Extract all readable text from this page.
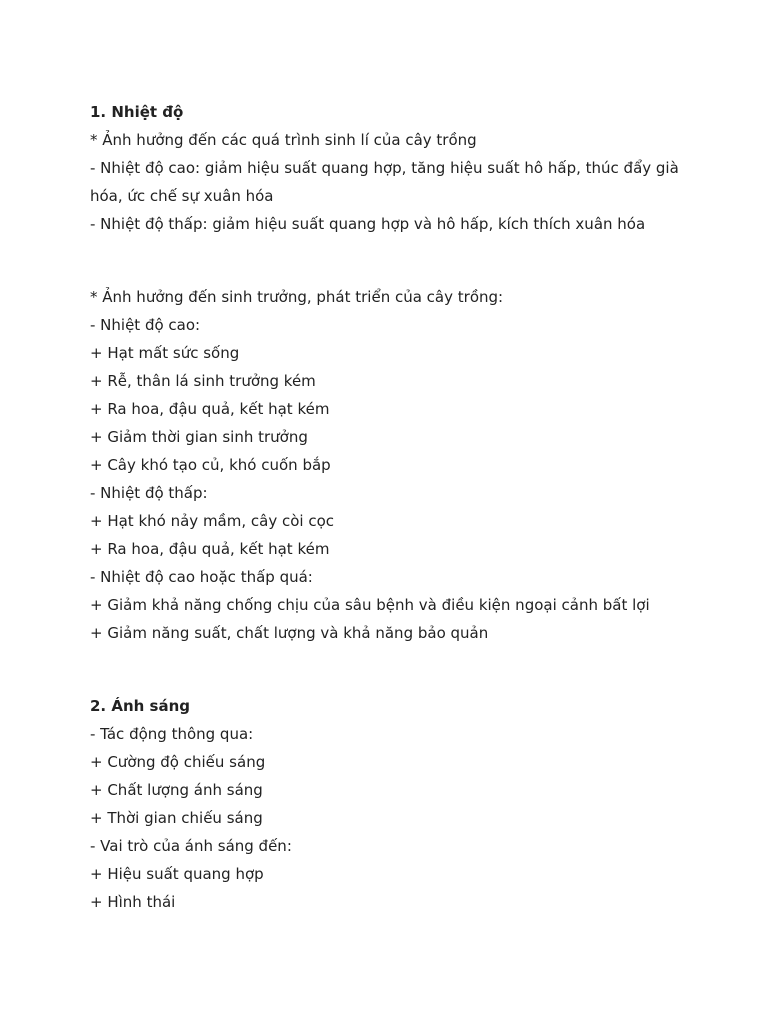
1. Nhiệt độ

* Ảnh hưởng đến các quá trình sinh lí của cây trồng

- Nhiệt độ cao: giảm hiệu suất quang hợp, tăng hiệu suất hô hấp, thúc đẩy già hóa, ức chế sự xuân hóa

- Nhiệt độ thấp: giảm hiệu suất quang hợp và hô hấp, kích thích xuân hóa

* Ảnh hưởng đến sinh trưởng, phát triển của cây trồng:

- Nhiệt độ cao:

+ Hạt mất sức sống

+ Rễ, thân lá sinh trưởng kém

+ Ra hoa, đậu quả, kết hạt kém

+ Giảm thời gian sinh trưởng

+ Cây khó tạo củ, khó cuốn bắp

- Nhiệt độ thấp:

+ Hạt khó nảy mầm, cây còi cọc

+ Ra hoa, đậu quả, kết hạt kém

- Nhiệt độ cao hoặc thấp quá:

+ Giảm khả năng chống chịu của sâu bệnh và điều kiện ngoại cảnh bất lợi

+ Giảm năng suất, chất lượng và khả năng bảo quản

2. Ánh sáng

- Tác động thông qua:

+ Cường độ chiếu sáng

+ Chất lượng ánh sáng

+ Thời gian chiếu sáng

- Vai trò của ánh sáng đến:

+ Hiệu suất quang hợp

+ Hình thái
